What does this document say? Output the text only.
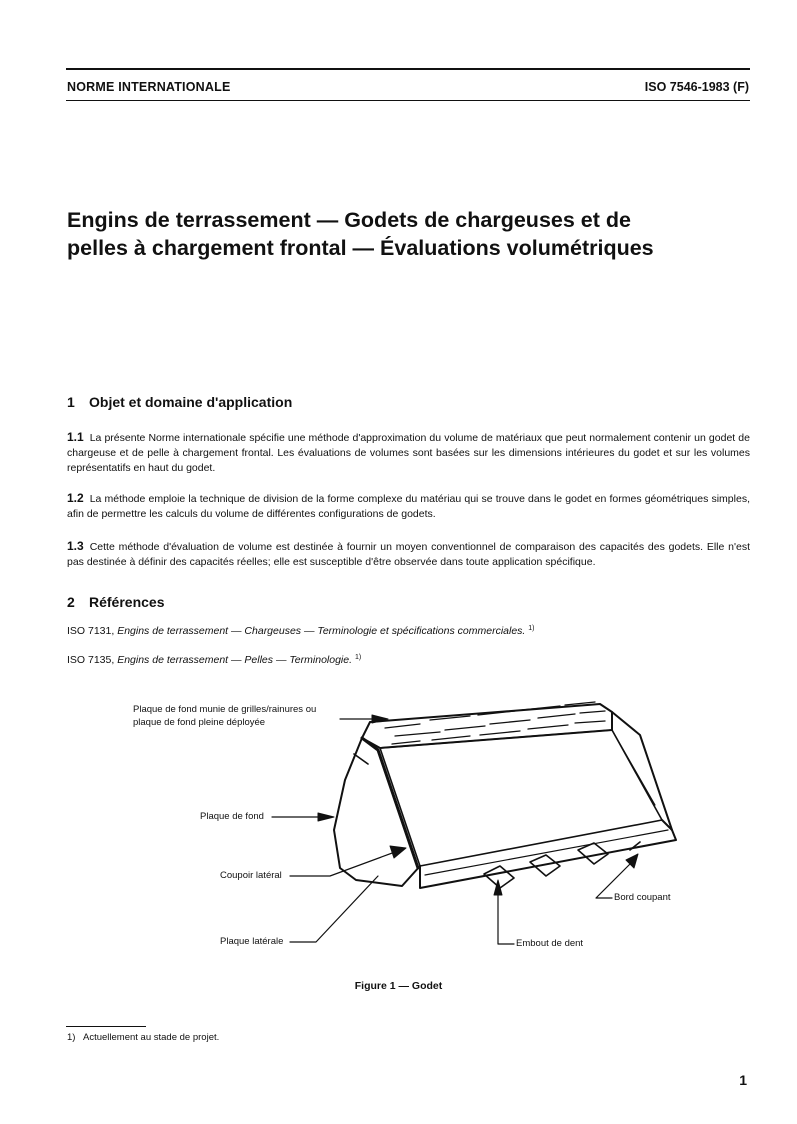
NORME INTERNATIONALE	ISO 7546-1983 (F)
Engins de terrassement — Godets de chargeuses et de
pelles à chargement frontal — Évaluations volumétriques
1 Objet et domaine d'application
1.1 La présente Norme internationale spécifie une méthode d'approximation du volume de matériaux que peut normalement contenir un godet de chargeuse et de pelle à chargement frontal. Les évaluations de volumes sont basées sur les dimensions intérieures du godet et sur les volumes représentatifs en haut du godet.
1.2 La méthode emploie la technique de division de la forme complexe du matériau qui se trouve dans le godet en formes géométriques simples, afin de permettre les calculs du volume de différentes configurations de godets.
1.3 Cette méthode d'évaluation de volume est destinée à fournir un moyen conventionnel de comparaison des capacités des godets. Elle n'est pas destinée à définir des capacités réelles; elle est susceptible d'être observée dans toute application spécifique.
2 Références
ISO 7131, Engins de terrassement — Chargeuses — Terminologie et spécifications commerciales. $^{1)}$
ISO 7135, Engins de terrassement — Pelles — Terminologie. $^{1)}$
Plaque de fond munie de grilles/rainures ou
plaque de fond pleine déployée
Plaque de fond
Coupoir latéral
Plaque latérale	Embout de dent
Bord coupant
Figure 1 — Godet
1) Actuellement au stade de projet.
1
